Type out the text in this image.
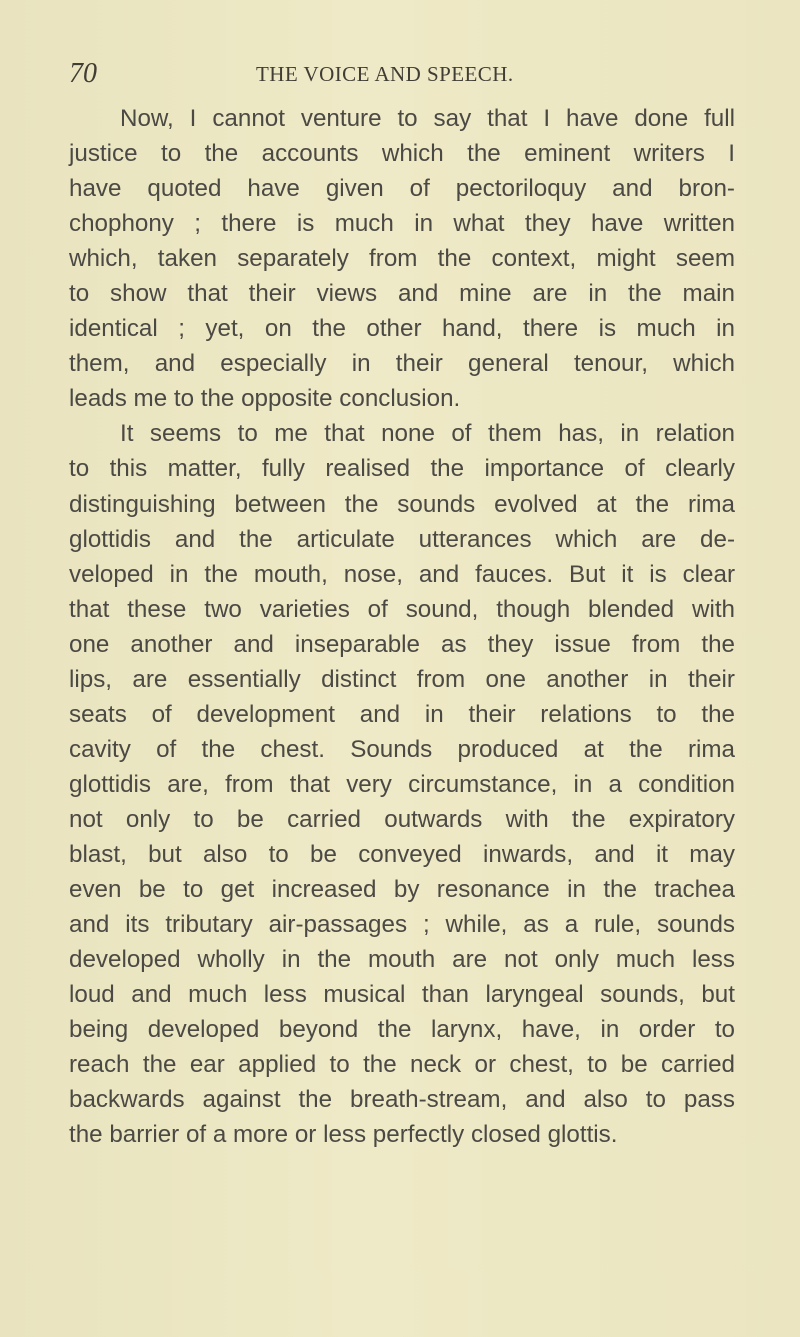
70	THE VOICE AND SPEECH.
Now, I cannot venture to say that I have done full
justice to the accounts which the eminent writers I
have quoted have given of pectoriloquy and bron-
chophony ; there is much in what they have written
which, taken separately from the context, might seem
to show that their views and mine are in the main
identical ; yet, on the other hand, there is much in
them, and especially in their general tenour, which
leads me to the opposite conclusion.
It seems to me that none of them has, in relation
to this matter, fully realised the importance of clearly
distinguishing between the sounds evolved at the rima
glottidis and the articulate utterances which are de-
veloped in the mouth, nose, and fauces. But it is clear
that these two varieties of sound, though blended with
one another and inseparable as they issue from the
lips, are essentially distinct from one another in their
seats of development and in their relations to the
cavity of the chest. Sounds produced at the rima
glottidis are, from that very circumstance, in a condition
not only to be carried outwards with the expiratory
blast, but also to be conveyed inwards, and it may
even be to get increased by resonance in the trachea
and its tributary air-passages ; while, as a rule, sounds
developed wholly in the mouth are not only much less
loud and much less musical than laryngeal sounds, but
being developed beyond the larynx, have, in order to
reach the ear applied to the neck or chest, to be carried
backwards against the breath-stream, and also to pass
the barrier of a more or less perfectly closed glottis.
